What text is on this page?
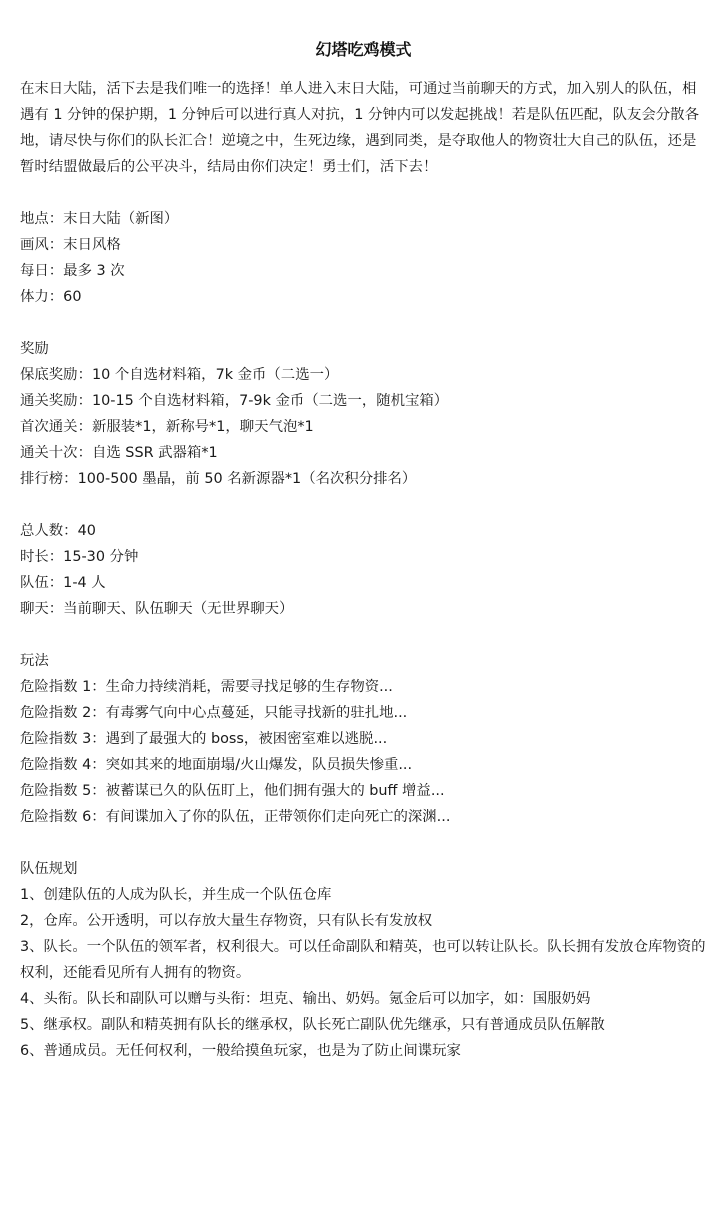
幻塔吃鸡模式

在末日大陆，活下去是我们唯一的选择！单人进入末日大陆，可通过当前聊天的方式，加入别人的队伍，相遇有 1 分钟的保护期，1 分钟后可以进行真人对抗，1 分钟内可以发起挑战！若是队伍匹配，队友会分散各地，请尽快与你们的队长汇合！逆境之中，生死边缘，遇到同类，是夺取他人的物资壮大自己的队伍，还是暂时结盟做最后的公平决斗，结局由你们决定！勇士们，活下去！

地点：末日大陆（新图）
画风：末日风格
每日：最多 3 次
体力：60
奖励
保底奖励：10 个自选材料箱，7k 金币（二选一）
通关奖励：10-15 个自选材料箱，7-9k 金币（二选一，随机宝箱）
首次通关：新服装*1，新称号*1，聊天气泡*1
通关十次：自选 SSR 武器箱*1
排行榜：100-500 墨晶，前 50 名新源器*1（名次积分排名）
总人数：40
时长：15-30 分钟
队伍：1-4 人
聊天：当前聊天、队伍聊天（无世界聊天）
玩法
危险指数 1：生命力持续消耗，需要寻找足够的生存物资...
危险指数 2：有毒雾气向中心点蔓延，只能寻找新的驻扎地...
危险指数 3：遇到了最强大的 boss，被困密室难以逃脱...
危险指数 4：突如其来的地面崩塌/火山爆发，队员损失惨重...
危险指数 5：被蓄谋已久的队伍盯上，他们拥有强大的 buff 增益...
危险指数 6：有间谍加入了你的队伍，正带领你们走向死亡的深渊...
队伍规划
1、创建队伍的人成为队长，并生成一个队伍仓库
2，仓库。公开透明，可以存放大量生存物资，只有队长有发放权
3、队长。一个队伍的领军者，权利很大。可以任命副队和精英，也可以转让队长。队长拥有发放仓库物资的权利，还能看见所有人拥有的物资。
4、头衔。队长和副队可以赠与头衔：坦克、输出、奶妈。氪金后可以加字，如：国服奶妈
5、继承权。副队和精英拥有队长的继承权，队长死亡副队优先继承，只有普通成员队伍解散
6、普通成员。无任何权利，一般给摸鱼玩家，也是为了防止间谍玩家
